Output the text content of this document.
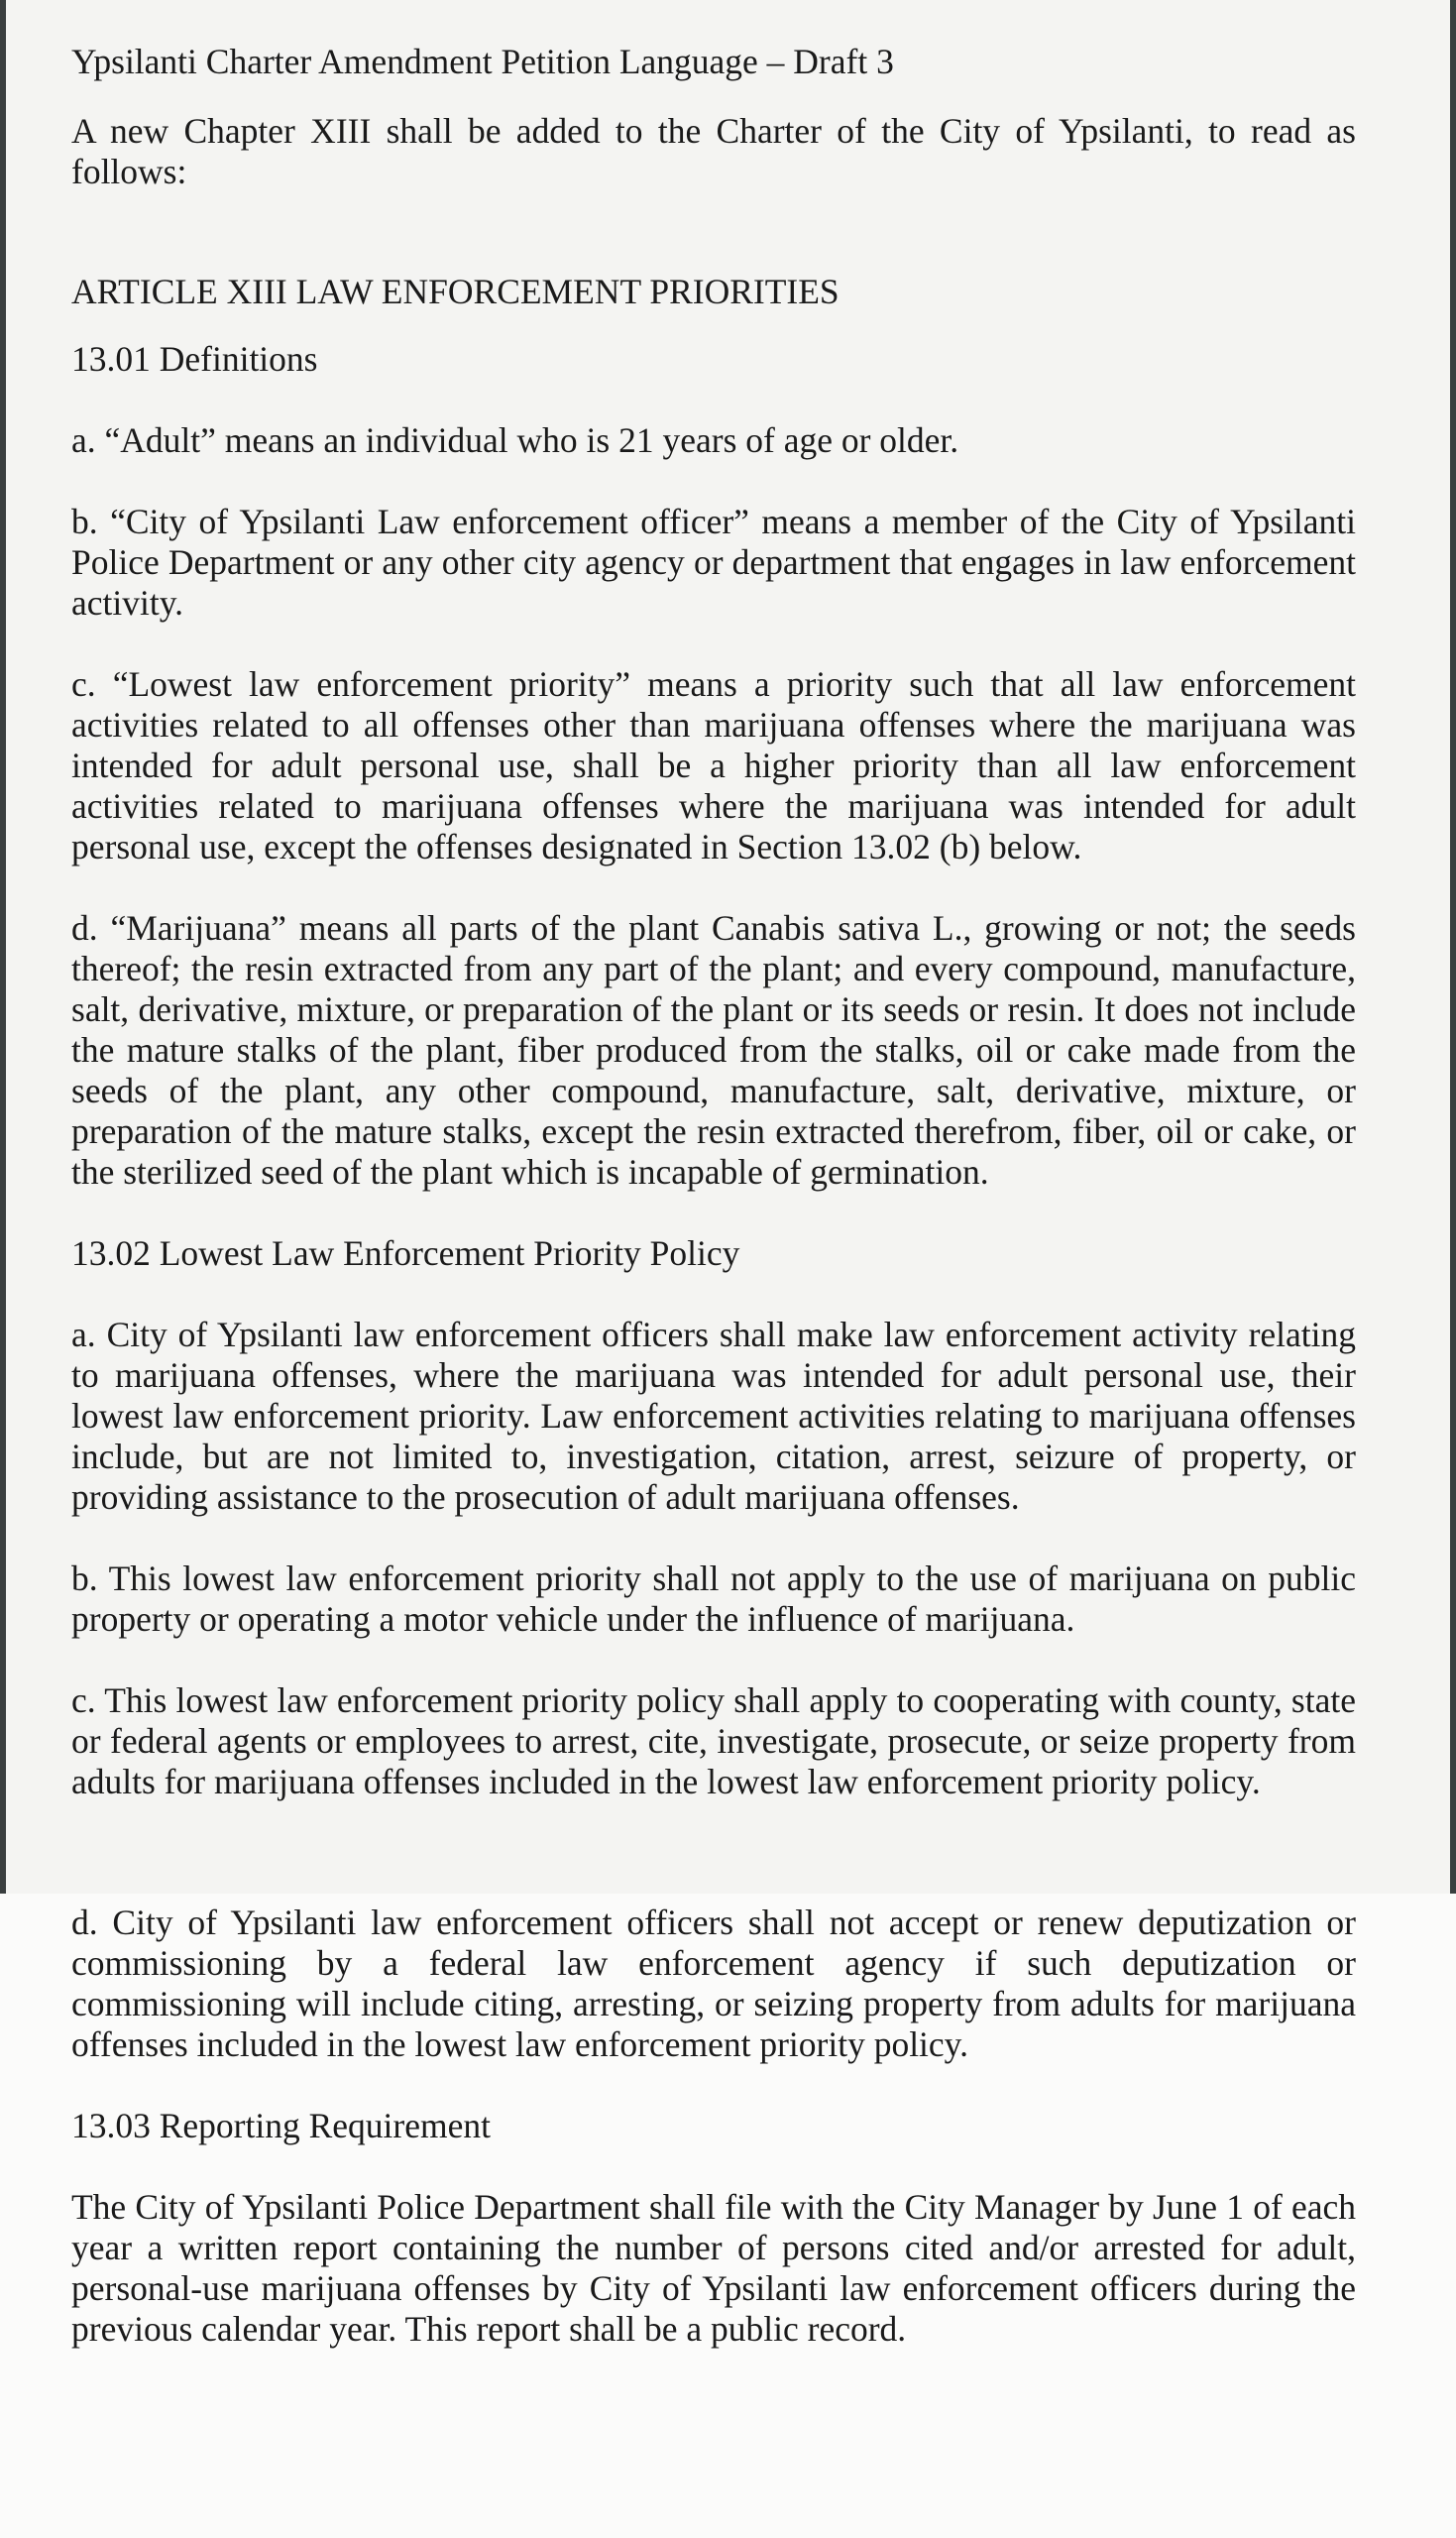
Ypsilanti Charter Amendment Petition Language – Draft 3

A new Chapter XIII shall be added to the Charter of the City of Ypsilanti, to read as follows:

ARTICLE XIII LAW ENFORCEMENT PRIORITIES

13.01 Definitions

a. “Adult” means an individual who is 21 years of age or older.

b. “City of Ypsilanti Law enforcement officer” means a member of the City of Ypsilanti Police Department or any other city agency or department that engages in law enforcement activity.

c. “Lowest law enforcement priority” means a priority such that all law enforcement activities related to all offenses other than marijuana offenses where the marijuana was intended for adult personal use, shall be a higher priority than all law enforcement activities related to marijuana offenses where the marijuana was intended for adult personal use, except the offenses designated in Section 13.02 (b) below.

d. “Marijuana” means all parts of the plant Canabis sativa L., growing or not; the seeds thereof; the resin extracted from any part of the plant; and every compound, manufacture, salt, derivative, mixture, or preparation of the plant or its seeds or resin. It does not include the mature stalks of the plant, fiber produced from the stalks, oil or cake made from the seeds of the plant, any other compound, manufacture, salt, derivative, mixture, or preparation of the mature stalks, except the resin extracted therefrom, fiber, oil or cake, or the sterilized seed of the plant which is incapable of germination.

13.02 Lowest Law Enforcement Priority Policy

a. City of Ypsilanti law enforcement officers shall make law enforcement activity relating to marijuana offenses, where the marijuana was intended for adult personal use, their lowest law enforcement priority. Law enforcement activities relating to marijuana offenses include, but are not limited to, investigation, citation, arrest, seizure of property, or providing assistance to the prosecution of adult marijuana offenses.

b. This lowest law enforcement priority shall not apply to the use of marijuana on public property or operating a motor vehicle under the influence of marijuana.

c. This lowest law enforcement priority policy shall apply to cooperating with county, state or federal agents or employees to arrest, cite, investigate, prosecute, or seize property from adults for marijuana offenses included in the lowest law enforcement priority policy.

d. City of Ypsilanti law enforcement officers shall not accept or renew deputization or commissioning by a federal law enforcement agency if such deputization or commissioning will include citing, arresting, or seizing property from adults for marijuana offenses included in the lowest law enforcement priority policy.

13.03 Reporting Requirement

The City of Ypsilanti Police Department shall file with the City Manager by June 1 of each year a written report containing the number of persons cited and/or arrested for adult, personal-use marijuana offenses by City of Ypsilanti law enforcement officers during the previous calendar year. This report shall be a public record.
